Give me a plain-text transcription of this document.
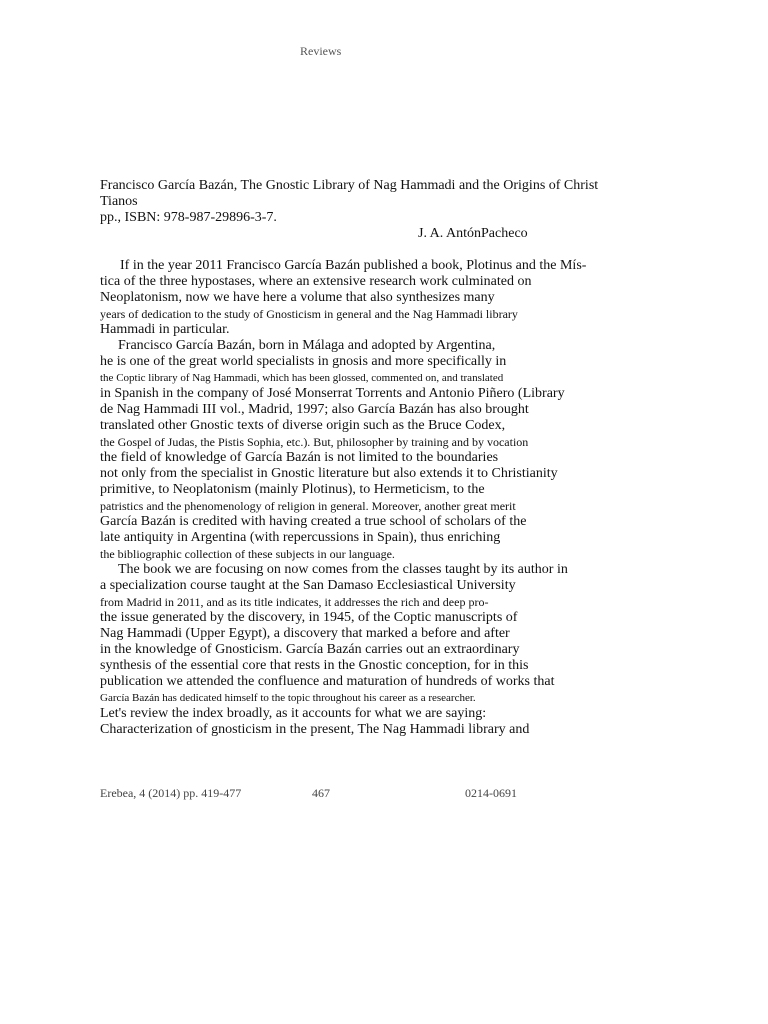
Reviews
Francisco García Bazán, The Gnostic Library of Nag Hammadi and the Origins of Christ
Tianos
pp., ISBN: 978-987-29896-3-7.
J. A. AntónPacheco
If in the year 2011 Francisco García Bazán published a book, Plotinus and the Mís-
tica of the three hypostases, where an extensive research work culminated on
Neoplatonism, now we have here a volume that also synthesizes many
years of dedication to the study of Gnosticism in general and the Nag Hammadi library
Hammadi in particular.
Francisco García Bazán, born in Málaga and adopted by Argentina,
he is one of the great world specialists in gnosis and more specifically in
the Coptic library of Nag Hammadi, which has been glossed, commented on, and translated
in Spanish in the company of José Monserrat Torrents and Antonio Piñero (Library
de Nag Hammadi III vol., Madrid, 1997; also García Bazán has also brought
translated other Gnostic texts of diverse origin such as the Bruce Codex,
the Gospel of Judas, the Pistis Sophia, etc.). But, philosopher by training and by vocation
the field of knowledge of García Bazán is not limited to the boundaries
not only from the specialist in Gnostic literature but also extends it to Christianity
primitive, to Neoplatonism (mainly Plotinus), to Hermeticism, to the
patristics and the phenomenology of religion in general. Moreover, another great merit
García Bazán is credited with having created a true school of scholars of the
late antiquity in Argentina (with repercussions in Spain), thus enriching
the bibliographic collection of these subjects in our language.
The book we are focusing on now comes from the classes taught by its author in
a specialization course taught at the San Damaso Ecclesiastical University
from Madrid in 2011, and as its title indicates, it addresses the rich and deep pro-
the issue generated by the discovery, in 1945, of the Coptic manuscripts of
Nag Hammadi (Upper Egypt), a discovery that marked a before and after
in the knowledge of Gnosticism. García Bazán carries out an extraordinary
synthesis of the essential core that rests in the Gnostic conception, for in this
publication we attended the confluence and maturation of hundreds of works that
García Bazán has dedicated himself to the topic throughout his career as a researcher.
Let's review the index broadly, as it accounts for what we are saying:
Characterization of gnosticism in the present, The Nag Hammadi library and
Erebea, 4 (2014) pp. 419-477	467	0214-0691
